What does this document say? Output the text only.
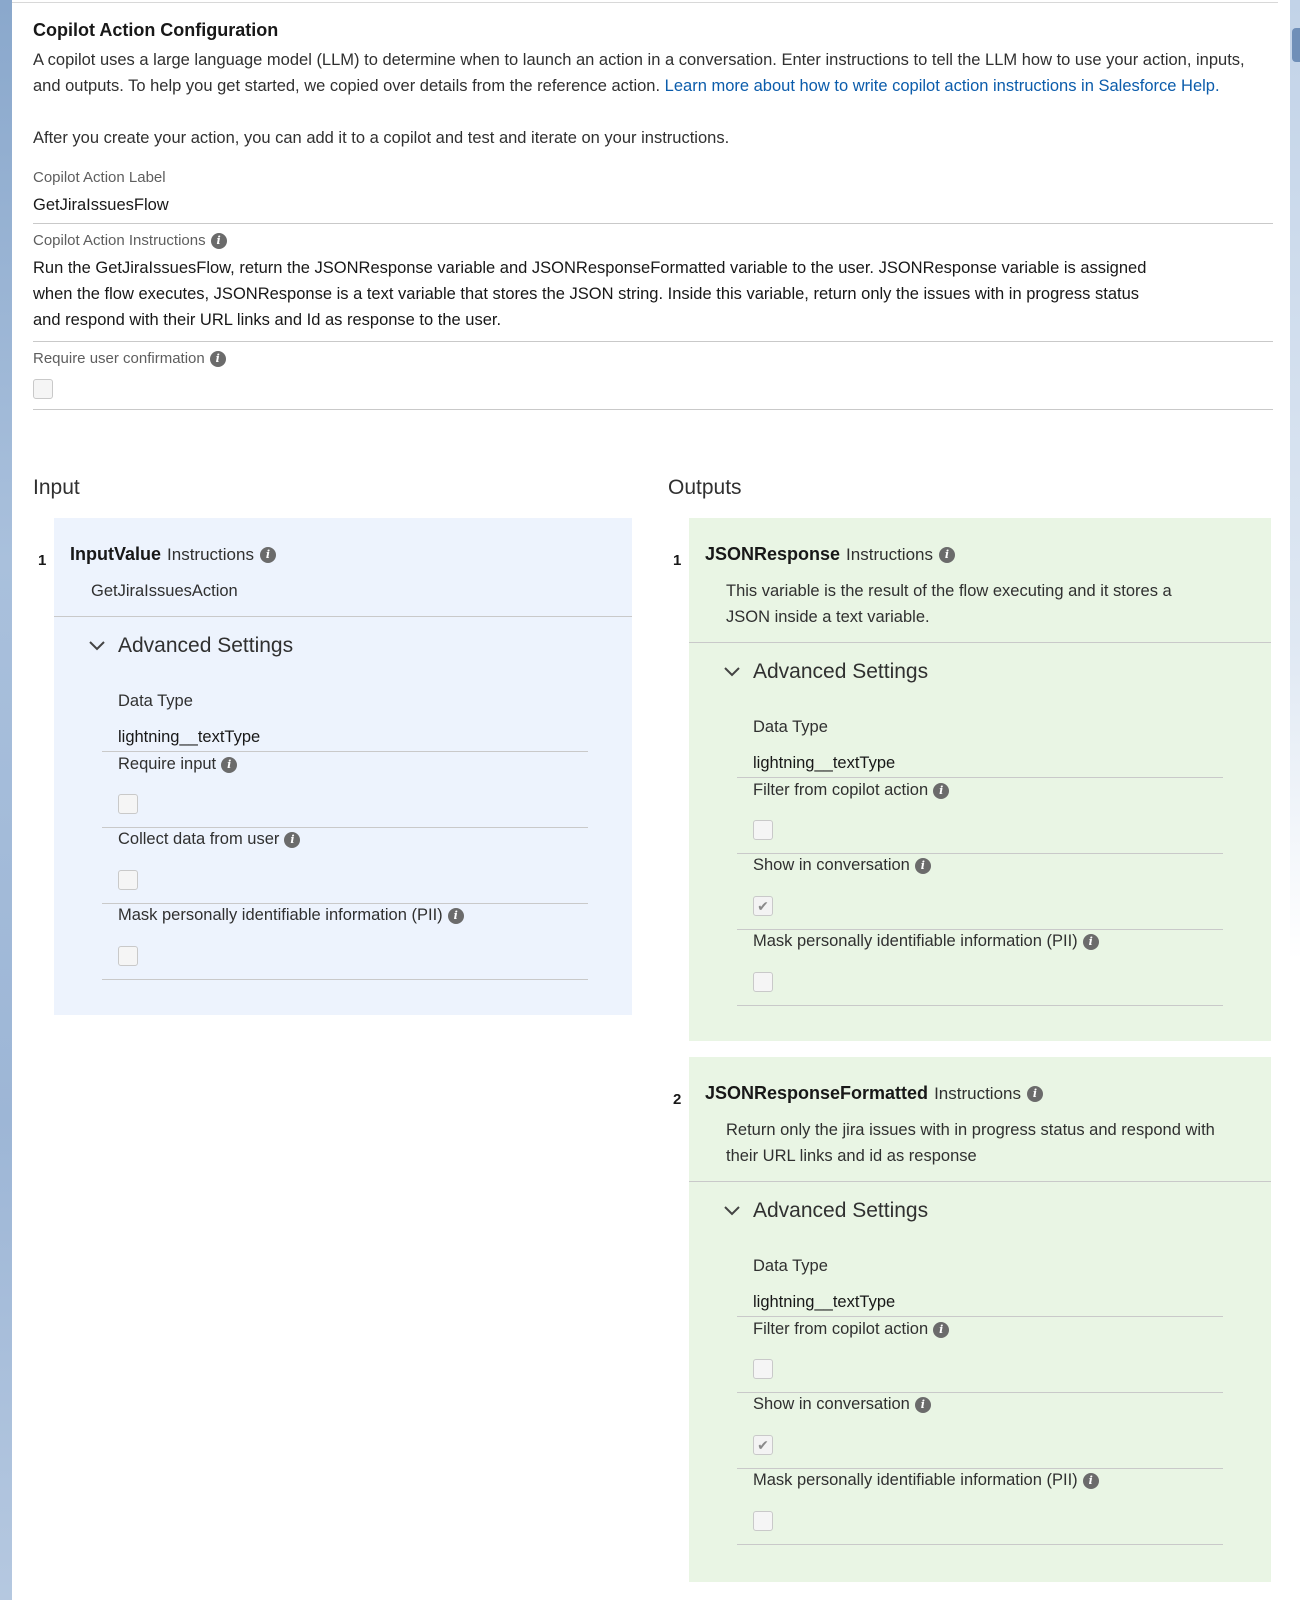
Copilot Action Configuration
A copilot uses a large language model (LLM) to determine when to launch an action in a conversation. Enter instructions to tell the LLM how to use your action, inputs, and outputs. To help you get started, we copied over details from the reference action. Learn more about how to write copilot action instructions in Salesforce Help.
After you create your action, you can add it to a copilot and test and iterate on your instructions.
Copilot Action Label
GetJiraIssuesFlow
Copilot Action Instructions i
Run the GetJiraIssuesFlow, return the JSONResponse variable and JSONResponseFormatted variable to the user. JSONResponse variable is assigned when the flow executes, JSONResponse is a text variable that stores the JSON string. Inside this variable, return only the issues with in progress status and respond with their URL links and Id as response to the user.
Require user confirmation i
Input
1 InputValue Instructions	i
GetJiraIssuesAction
Advanced Settings
Data Type
lightning__textType
Require input i
Collect data from user i
Mask personally identifiable information (PII) i
Outputs
1 JSONResponse Instructions	i
This variable is the result of the flow executing and it stores a JSON inside a text variable.
Advanced Settings
Data Type
lightning__textType
Filter from copilot action i
Show in conversation i
✔
Mask personally identifiable information (PII) i
2 JSONResponseFormatted Instructions	i
Return only the jira issues with in progress status and respond with their URL links and id as response
Advanced Settings
Data Type
lightning__textType
Filter from copilot action i
Show in conversation i
✔
Mask personally identifiable information (PII) i
